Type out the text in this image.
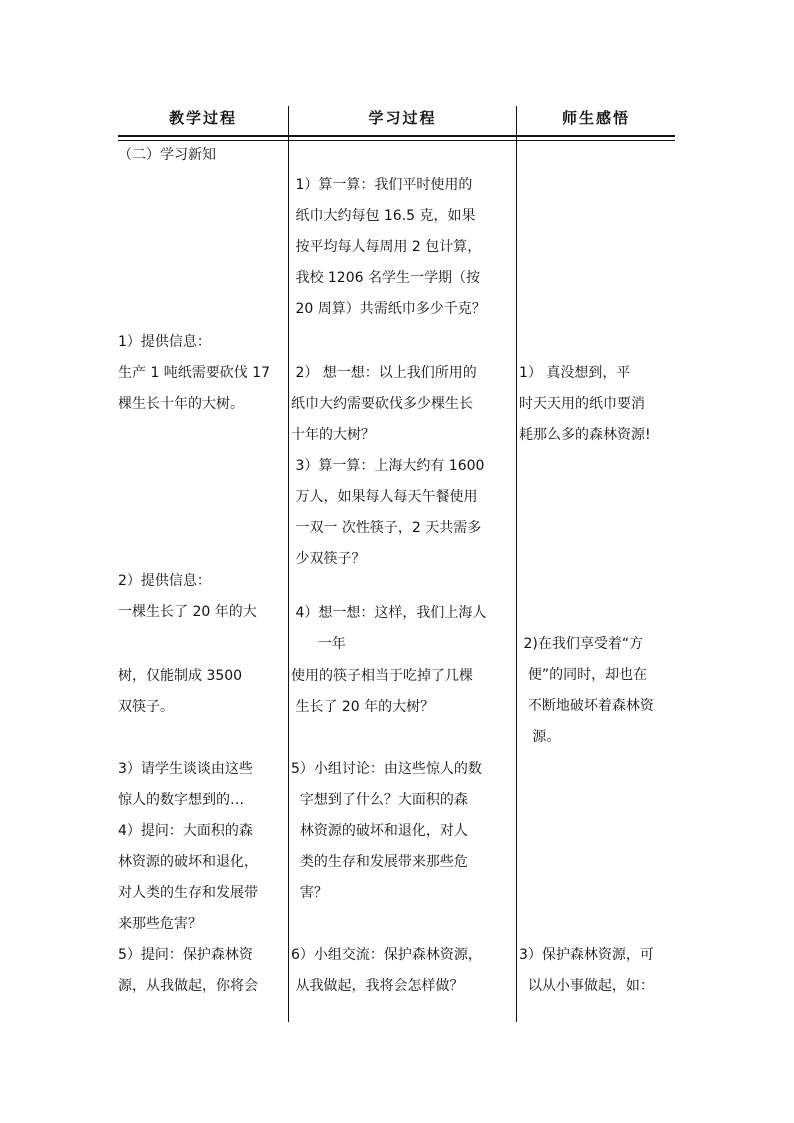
教学过程	学习过程	师生感悟

（二）学习新知

1）提供信息：
生产 1 吨纸需要砍伐 17
棵生长十年的大树。

2）提供信息：
一棵生长了 20 年的大

树，仅能制成 3500
双筷子。

3）请学生谈谈由这些
惊人的数字想到的…
4）提问：大面积的森
林资源的破坏和退化，
对人类的生存和发展带
来那些危害？
5）提问：保护森林资
源，从我做起，你将会

1）算一算：我们平时使用的
纸巾大约每包 16.5 克，如果
按平均每人每周用 2 包计算，
我校 1206 名学生一学期（按
20 周算）共需纸巾多少千克？

2） 想一想：以上我们所用的
纸巾大约需要砍伐多少棵生长
十年的大树？
3）算一算：上海大约有 1600
万人，如果每人每天午餐使用
一双一 次性筷子，2 天共需多
少双筷子？

4）想一想：这样，我们上海人
一年

使用的筷子相当于吃掉了几棵
生长了 20 年的大树？

5）小组讨论：由这些惊人的数
字想到了什么？大面积的森
林资源的破坏和退化，对人
类的生存和发展带来那些危
害？

6）小组交流：保护森林资源，
从我做起，我将会怎样做？

1） 真没想到，平
时天天用的纸巾要消
耗那么多的森林资源!

2)在我们享受着“方
便”的同时，却也在
不断地破坏着森林资
源。

3）保护森林资源，可
以从小事做起，如：
